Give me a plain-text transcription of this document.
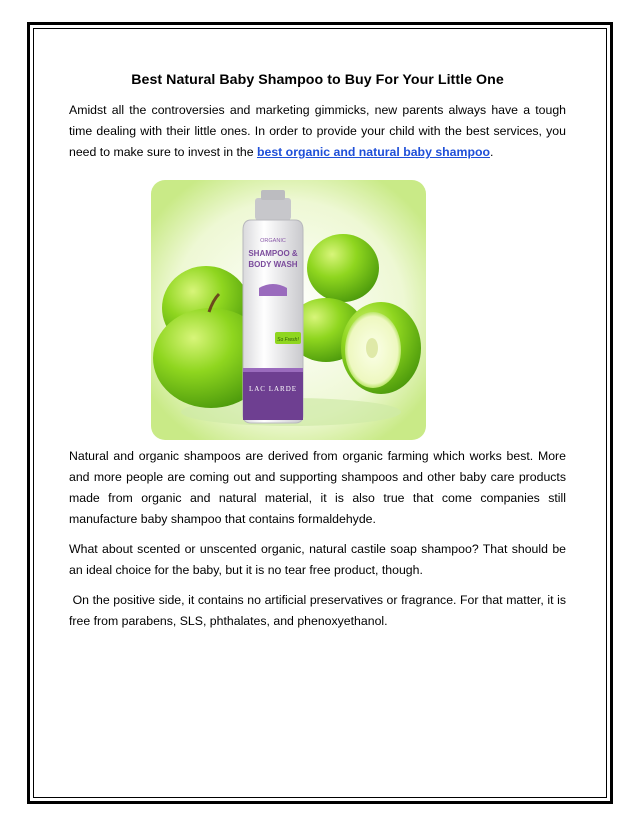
Best Natural Baby Shampoo to Buy For Your Little One

Amidst all the controversies and marketing gimmicks, new parents always have a tough time dealing with their little ones. In order to provide your child with the best services, you need to make sure to invest in the best organic and natural baby shampoo.

ORGANIC
SHAMPOO &
BODY WASH
So Fresh!
LAC LARDE

Natural and organic shampoos are derived from organic farming which works best. More and more people are coming out and supporting shampoos and other baby care products made from organic and natural material, it is also true that come companies still manufacture baby shampoo that contains formaldehyde.

What about scented or unscented organic, natural castile soap shampoo? That should be an ideal choice for the baby, but it is no tear free product, though.

On the positive side, it contains no artificial preservatives or fragrance. For that matter, it is free from parabens, SLS, phthalates, and phenoxyethanol.
